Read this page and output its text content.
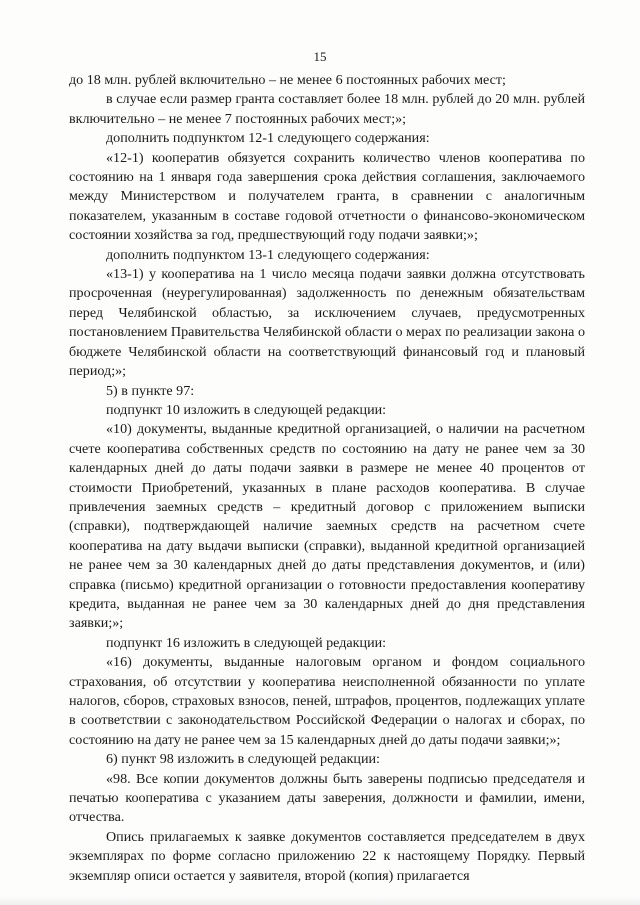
15

до 18 млн. рублей включительно – не менее 6 постоянных рабочих мест;

в случае если размер гранта составляет более 18 млн. рублей до 20 млн. рублей включительно – не менее 7 постоянных рабочих мест;»;

дополнить подпунктом 12-1 следующего содержания:

«12-1) кооператив обязуется сохранить количество членов кооператива по состоянию на 1 января года завершения срока действия соглашения, заключаемого между Министерством и получателем гранта, в сравнении с аналогичным показателем, указанным в составе годовой отчетности о финансово-экономическом состоянии хозяйства за год, предшествующий году подачи заявки;»;

дополнить подпунктом 13-1 следующего содержания:

«13-1) у кооператива на 1 число месяца подачи заявки должна отсутствовать просроченная (неурегулированная) задолженность по денежным обязательствам перед Челябинской областью, за исключением случаев, предусмотренных постановлением Правительства Челябинской области о мерах по реализации закона о бюджете Челябинской области на соответствующий финансовый год и плановый период;»;

5) в пункте 97:

подпункт 10 изложить в следующей редакции:

«10) документы, выданные кредитной организацией, о наличии на расчетном счете кооператива собственных средств по состоянию на дату не ранее чем за 30 календарных дней до даты подачи заявки в размере не менее 40 процентов от стоимости Приобретений, указанных в плане расходов кооператива. В случае привлечения заемных средств – кредитный договор с приложением выписки (справки), подтверждающей наличие заемных средств на расчетном счете кооператива на дату выдачи выписки (справки), выданной кредитной организацией не ранее чем за 30 календарных дней до даты представления документов, и (или) справка (письмо) кредитной организации о готовности предоставления кооперативу кредита, выданная не ранее чем за 30 календарных дней до дня представления заявки;»;

подпункт 16 изложить в следующей редакции:

«16) документы, выданные налоговым органом и фондом социального страхования, об отсутствии у кооператива неисполненной обязанности по уплате налогов, сборов, страховых взносов, пеней, штрафов, процентов, подлежащих уплате в соответствии с законодательством Российской Федерации о налогах и сборах, по состоянию на дату не ранее чем за 15 календарных дней до даты подачи заявки;»;

6) пункт 98 изложить в следующей редакции:

«98. Все копии документов должны быть заверены подписью председателя и печатью кооператива с указанием даты заверения, должности и фамилии, имени, отчества.

Опись прилагаемых к заявке документов составляется председателем в двух экземплярах по форме согласно приложению 22 к настоящему Порядку. Первый экземпляр описи остается у заявителя, второй (копия) прилагается
